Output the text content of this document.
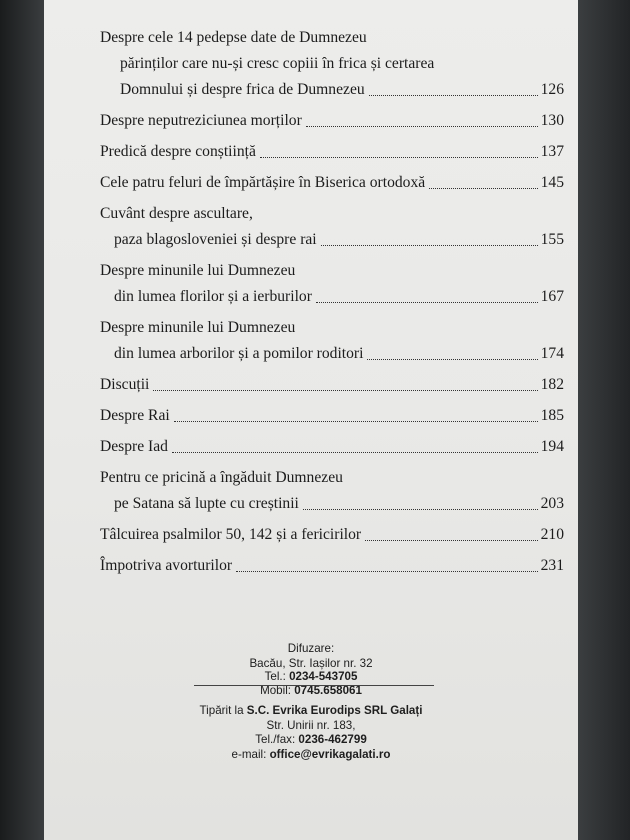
Despre cele 14 pedepse date de Dumnezeu
părinților care nu-și cresc copiii în frica și certarea
Domnului și despre frica de Dumnezeu	126
Despre neputreziciunea morților	130
Predică despre conștiință	137
Cele patru feluri de împărtășire în Biserica ortodoxă	145
Cuvânt despre ascultare,
paza blagosloveniei și despre rai	155
Despre minunile lui Dumnezeu
din lumea florilor și a ierburilor	167
Despre minunile lui Dumnezeu
din lumea arborilor și a pomilor roditori	174
Discuții	182
Despre Rai	185
Despre Iad	194
Pentru ce pricină a îngăduit Dumnezeu
pe Satana să lupte cu creștinii	203
Tâlcuirea psalmilor 50, 142 și a fericirilor	210
Împotriva avorturilor	231
Difuzare:
Bacău, Str. Iașilor nr. 32
Tel.: 0234-543705
Mobil: 0745.658061
Tipărit la S.C. Evrika Eurodips SRL Galați
Str. Unirii nr. 183,
Tel./fax: 0236-462799
e-mail: office@evrikagalati.ro
